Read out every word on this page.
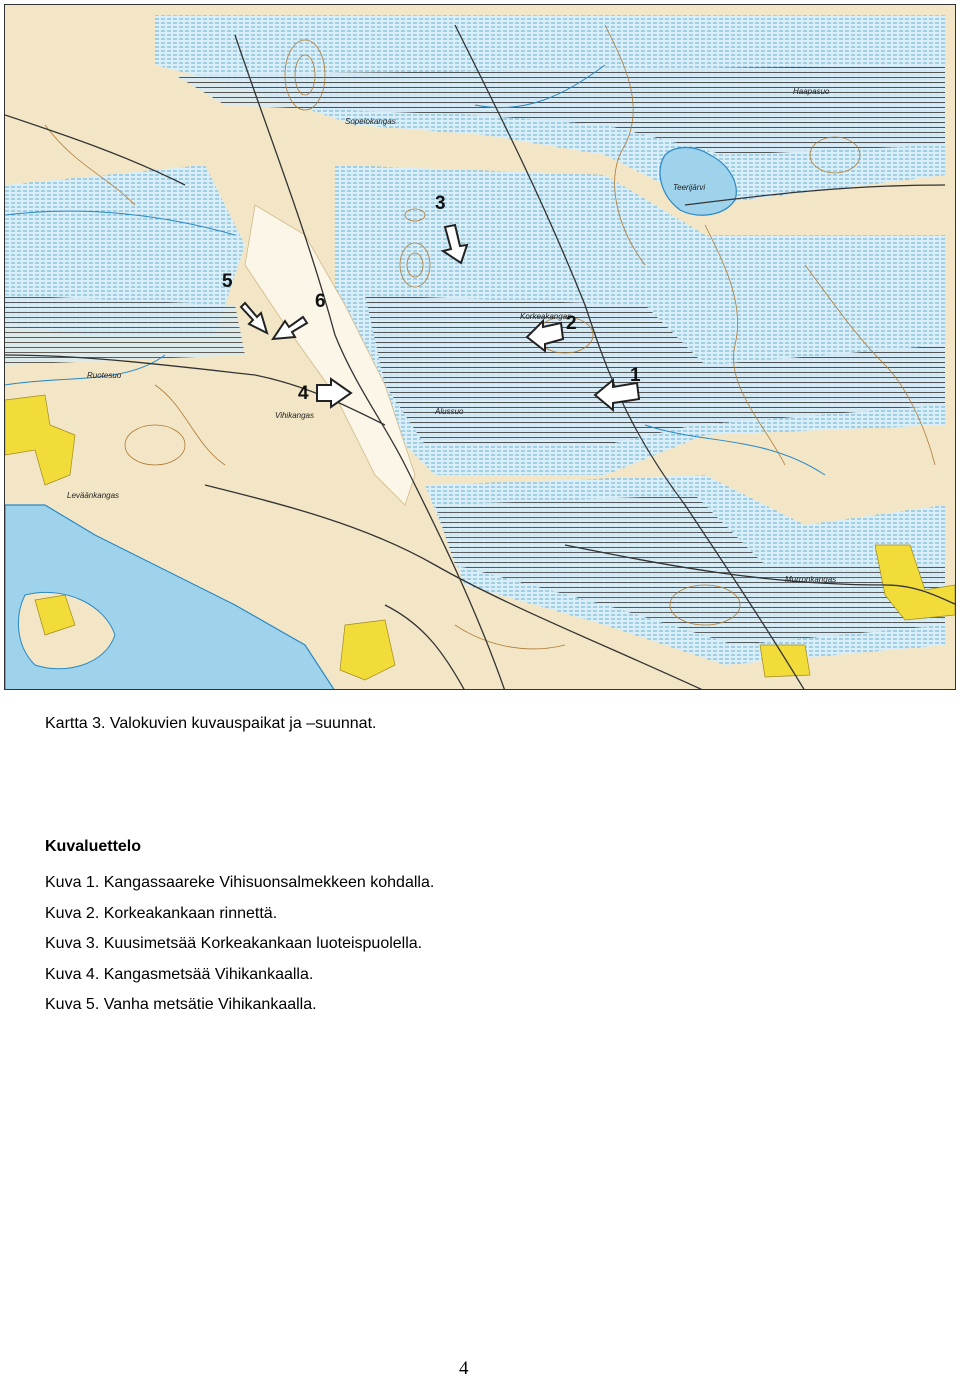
1
2
3
4
5
6
Haapasuo
Vihikangas
Korkeakangas
Ruotesuo
Leväänkangas
Murronkangas
Teerijärvi
Sopelokangas
Alussuo
Kartta 3. Valokuvien kuvauspaikat ja –suunnat.
Kuvaluettelo
Kuva 1. Kangassaareke Vihisuonsalmekkeen kohdalla.
Kuva 2. Korkeakankaan rinnettä.
Kuva 3. Kuusimetsää Korkeakankaan luoteispuolella.
Kuva 4. Kangasmetsää Vihikankaalla.
Kuva 5. Vanha metsätie Vihikankaalla.
4
